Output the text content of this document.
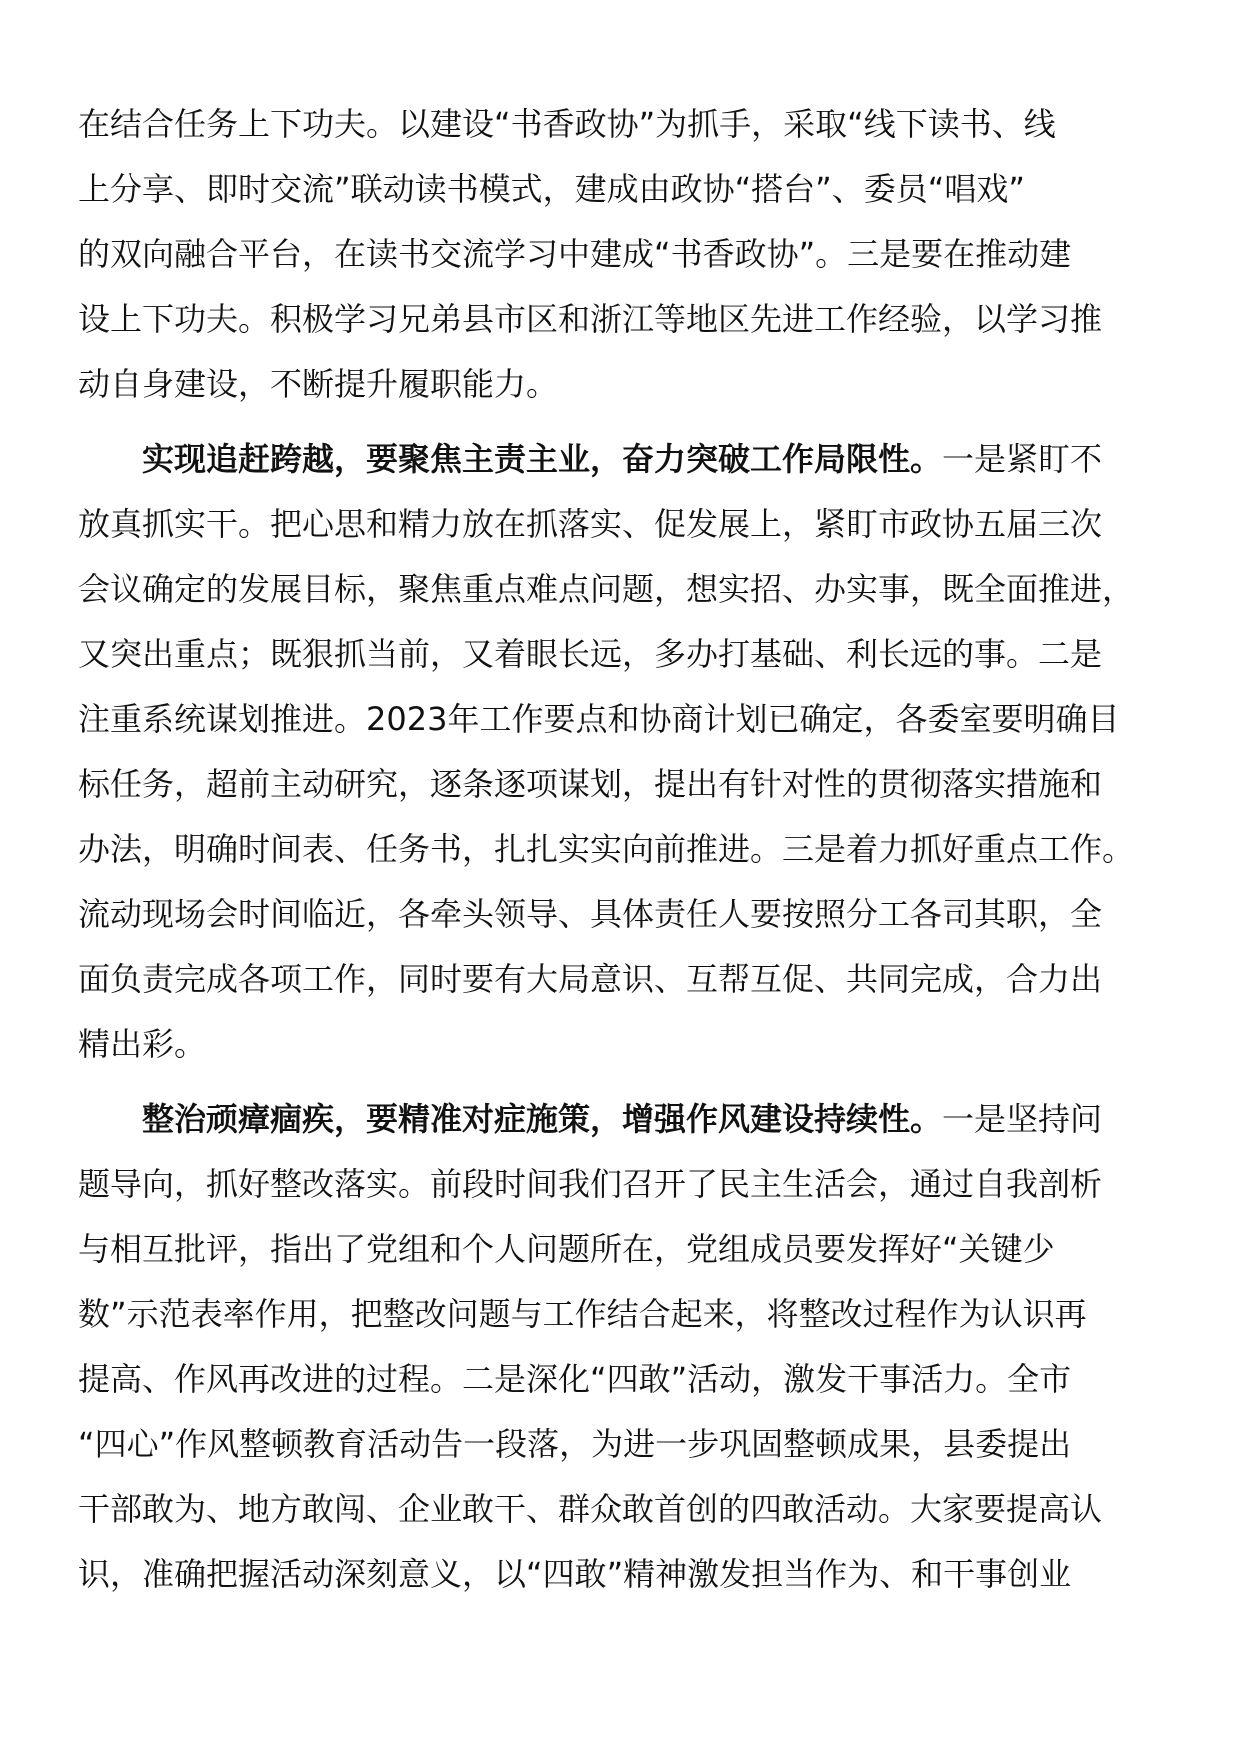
在结合任务上下功夫。以建设“书香政协”为抓手，采取“线下读书、线
上分享、即时交流”联动读书模式，建成由政协“搭台”、委员“唱戏”
的双向融合平台，在读书交流学习中建成“书香政协”。三是要在推动建
设上下功夫。积极学习兄弟县市区和浙江等地区先进工作经验，以学习推
动自身建设，不断提升履职能力。
实现追赶跨越，要聚焦主责主业，奋力突破工作局限性。一是紧盯不
放真抓实干。把心思和精力放在抓落实、促发展上，紧盯市政协五届三次
会议确定的发展目标，聚焦重点难点问题，想实招、办实事，既全面推进，
又突出重点；既狠抓当前，又着眼长远，多办打基础、利长远的事。二是
注重系统谋划推进。2023年工作要点和协商计划已确定，各委室要明确目
标任务，超前主动研究，逐条逐项谋划，提出有针对性的贯彻落实措施和
办法，明确时间表、任务书，扎扎实实向前推进。三是着力抓好重点工作。
流动现场会时间临近，各牵头领导、具体责任人要按照分工各司其职，全
面负责完成各项工作，同时要有大局意识、互帮互促、共同完成，合力出
精出彩。
整治顽瘴痼疾，要精准对症施策，增强作风建设持续性。一是坚持问
题导向，抓好整改落实。前段时间我们召开了民主生活会，通过自我剖析
与相互批评，指出了党组和个人问题所在，党组成员要发挥好“关键少
数”示范表率作用，把整改问题与工作结合起来，将整改过程作为认识再
提高、作风再改进的过程。二是深化“四敢”活动，激发干事活力。全市
“四心”作风整顿教育活动告一段落，为进一步巩固整顿成果，县委提出
干部敢为、地方敢闯、企业敢干、群众敢首创的四敢活动。大家要提高认
识，准确把握活动深刻意义，以“四敢”精神激发担当作为、和干事创业
